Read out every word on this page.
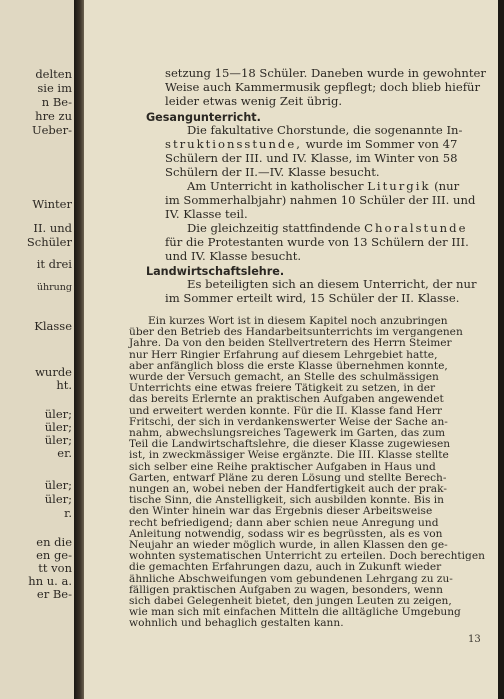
delten
sie im
n Be-
hre zu
Ueber-
Winter
II. und
Schüler
it drei
ührung
Klasse
wurde
ht.
üler;
üler;
üler;
er.
üler;
üler;
r.
en die
en ge-
tt von
hn u. a.
er Be-
setzung 15—18 Schüler. Daneben wurde in gewohnter
Weise auch Kammermusik gepflegt; doch blieb hiefür
leider etwas wenig Zeit übrig.
Gesangunterricht.
Die fakultative Chorstunde, die sogenannte In-
struktionsstunde, wurde im Sommer von 47
Schülern der III. und IV. Klasse, im Winter von 58
Schülern der II.—IV. Klasse besucht.
Am Unterricht in katholischer Liturgik (nur
im Sommerhalbjahr) nahmen 10 Schüler der III. und
IV. Klasse teil.
Die gleichzeitig stattfindende Choralstunde
für die Protestanten wurde von 13 Schülern der III.
und IV. Klasse besucht.
Landwirtschaftslehre.
Es beteiligten sich an diesem Unterricht, der nur
im Sommer erteilt wird, 15 Schüler der II. Klasse.
Ein kurzes Wort ist in diesem Kapitel noch anzubringen
über den Betrieb des Handarbeitsunterrichts im vergangenen
Jahre. Da von den beiden Stellvertretern des Herrn Steimer
nur Herr Ringier Erfahrung auf diesem Lehrgebiet hatte,
aber anfänglich bloss die erste Klasse übernehmen konnte,
wurde der Versuch gemacht, an Stelle des schulmässigen
Unterrichts eine etwas freiere Tätigkeit zu setzen, in der
das bereits Erlernte an praktischen Aufgaben angewendet
und erweitert werden konnte. Für die II. Klasse fand Herr
Fritschi, der sich in verdankenswerter Weise der Sache an-
nahm, abwechslungsreiches Tagewerk im Garten, das zum
Teil die Landwirtschaftslehre, die dieser Klasse zugewiesen
ist, in zweckmässiger Weise ergänzte. Die III. Klasse stellte
sich selber eine Reihe praktischer Aufgaben in Haus und
Garten, entwarf Pläne zu deren Lösung und stellte Berech-
nungen an, wobei neben der Handfertigkeit auch der prak-
tische Sinn, die Anstelligkeit, sich ausbilden konnte. Bis in
den Winter hinein war das Ergebnis dieser Arbeitsweise
recht befriedigend; dann aber schien neue Anregung und
Anleitung notwendig, sodass wir es begrüssten, als es von
Neujahr an wieder möglich wurde, in allen Klassen den ge-
wohnten systematischen Unterricht zu erteilen. Doch berechtigen
die gemachten Erfahrungen dazu, auch in Zukunft wieder
ähnliche Abschweifungen vom gebundenen Lehrgang zu zu-
fälligen praktischen Aufgaben zu wagen, besonders, wenn
sich dabei Gelegenheit bietet, den jungen Leuten zu zeigen,
wie man sich mit einfachen Mitteln die alltägliche Umgebung
wohnlich und behaglich gestalten kann.
13
